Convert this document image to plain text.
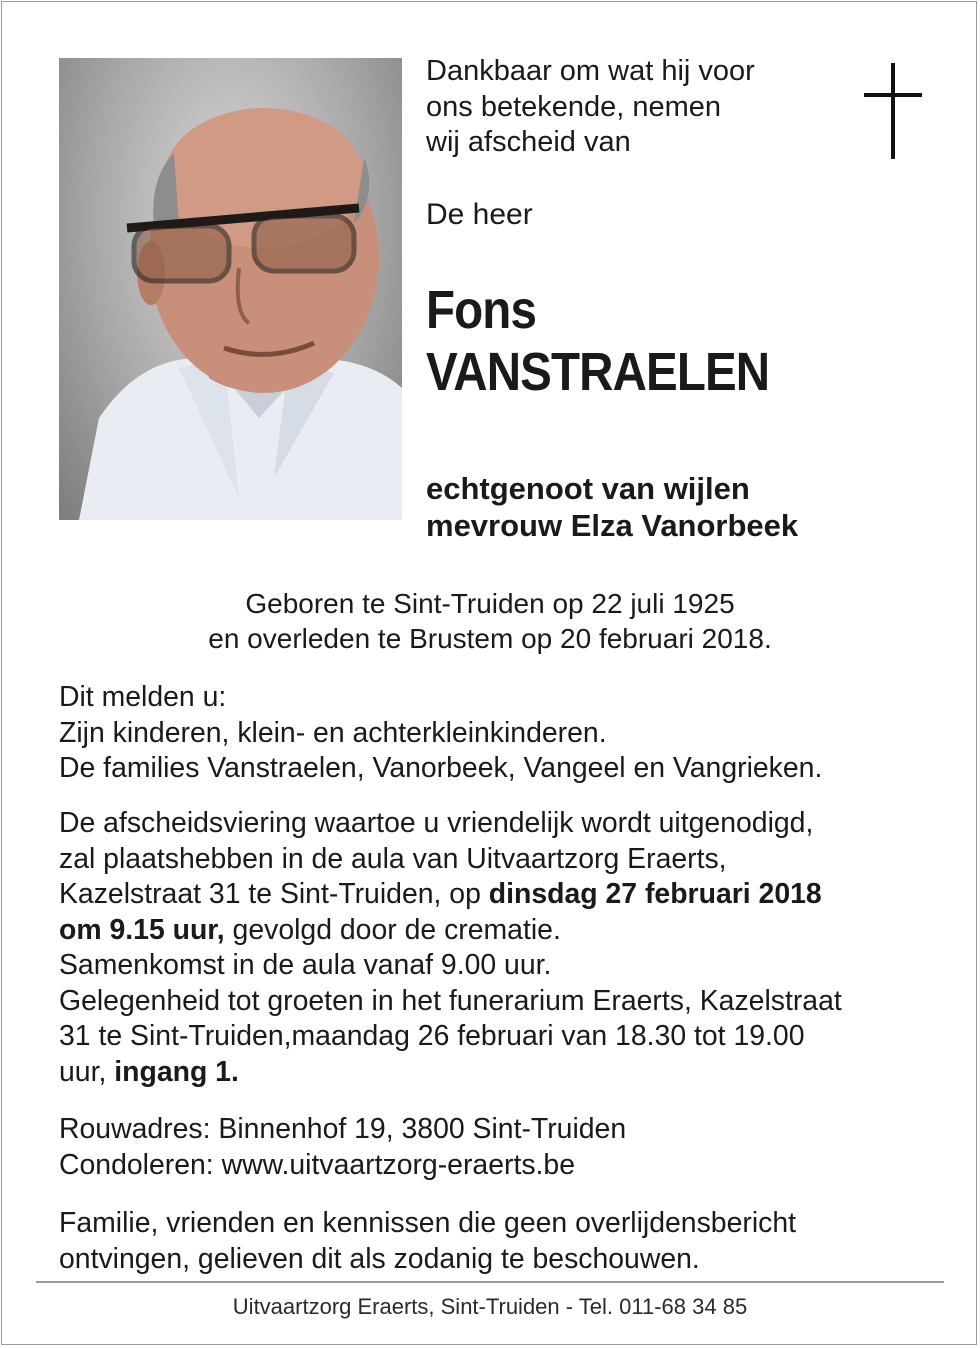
Dankbaar om wat hij voor
ons betekende, nemen
wij afscheid van
De heer
Fons
VANSTRAELEN
echtgenoot van wijlen
mevrouw Elza Vanorbeek
Geboren te Sint-Truiden op 22 juli 1925
en overleden te Brustem op 20 februari 2018.
Dit melden u:
Zijn kinderen, klein- en achterkleinkinderen.
De families Vanstraelen, Vanorbeek, Vangeel en Vangrieken.
De afscheidsviering waartoe u vriendelijk wordt uitgenodigd,
zal plaatshebben in de aula van Uitvaartzorg Eraerts,
Kazelstraat 31 te Sint-Truiden, op dinsdag 27 februari 2018
om 9.15 uur, gevolgd door de crematie.
Samenkomst in de aula vanaf 9.00 uur.
Gelegenheid tot groeten in het funerarium Eraerts, Kazelstraat
31 te Sint-Truiden,maandag 26 februari van 18.30 tot 19.00
uur, ingang 1.
Rouwadres: Binnenhof 19, 3800 Sint-Truiden
Condoleren: www.uitvaartzorg-eraerts.be
Familie, vrienden en kennissen die geen overlijdensbericht
ontvingen, gelieven dit als zodanig te beschouwen.
Uitvaartzorg Eraerts, Sint-Truiden - Tel. 011-68 34 85
